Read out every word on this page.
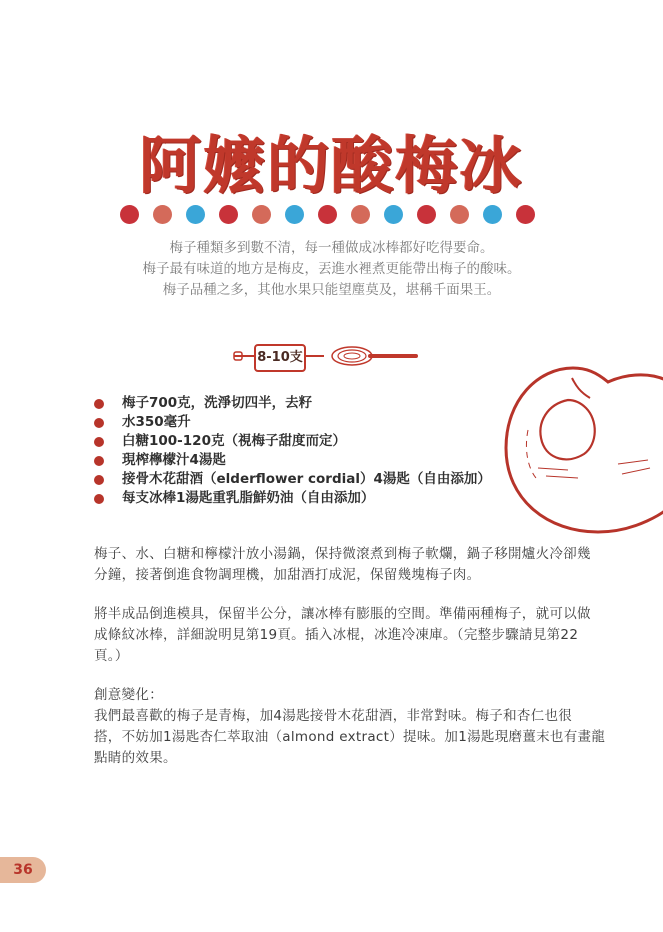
阿嬤的酸梅冰
梅子種類多到數不清，每一種做成冰棒都好吃得要命。
梅子最有味道的地方是梅皮，丟進水裡煮更能帶出梅子的酸味。
梅子品種之多，其他水果只能望塵莫及，堪稱千面果王。
8-10支
梅子700克，洗淨切四半，去籽
水350毫升
白糖100-120克（視梅子甜度而定）
現榨檸檬汁4湯匙
接骨木花甜酒（elderflower cordial）4湯匙（自由添加）
每支冰棒1湯匙重乳脂鮮奶油（自由添加）
梅子、水、白糖和檸檬汁放小湯鍋，保持微滾煮到梅子軟爛，鍋子移開爐火冷卻幾
分鐘，接著倒進食物調理機，加甜酒打成泥，保留幾塊梅子肉。
將半成品倒進模具，保留半公分，讓冰棒有膨脹的空間。準備兩種梅子，就可以做
成條紋冰棒，詳細說明見第19頁。插入冰棍，冰進冷凍庫。（完整步驟請見第22
頁。）
創意變化：
我們最喜歡的梅子是青梅，加4湯匙接骨木花甜酒，非常對味。梅子和杏仁也很
搭，不妨加1湯匙杏仁萃取油（almond extract）提味。加1湯匙現磨薑末也有畫龍
點睛的效果。
36
